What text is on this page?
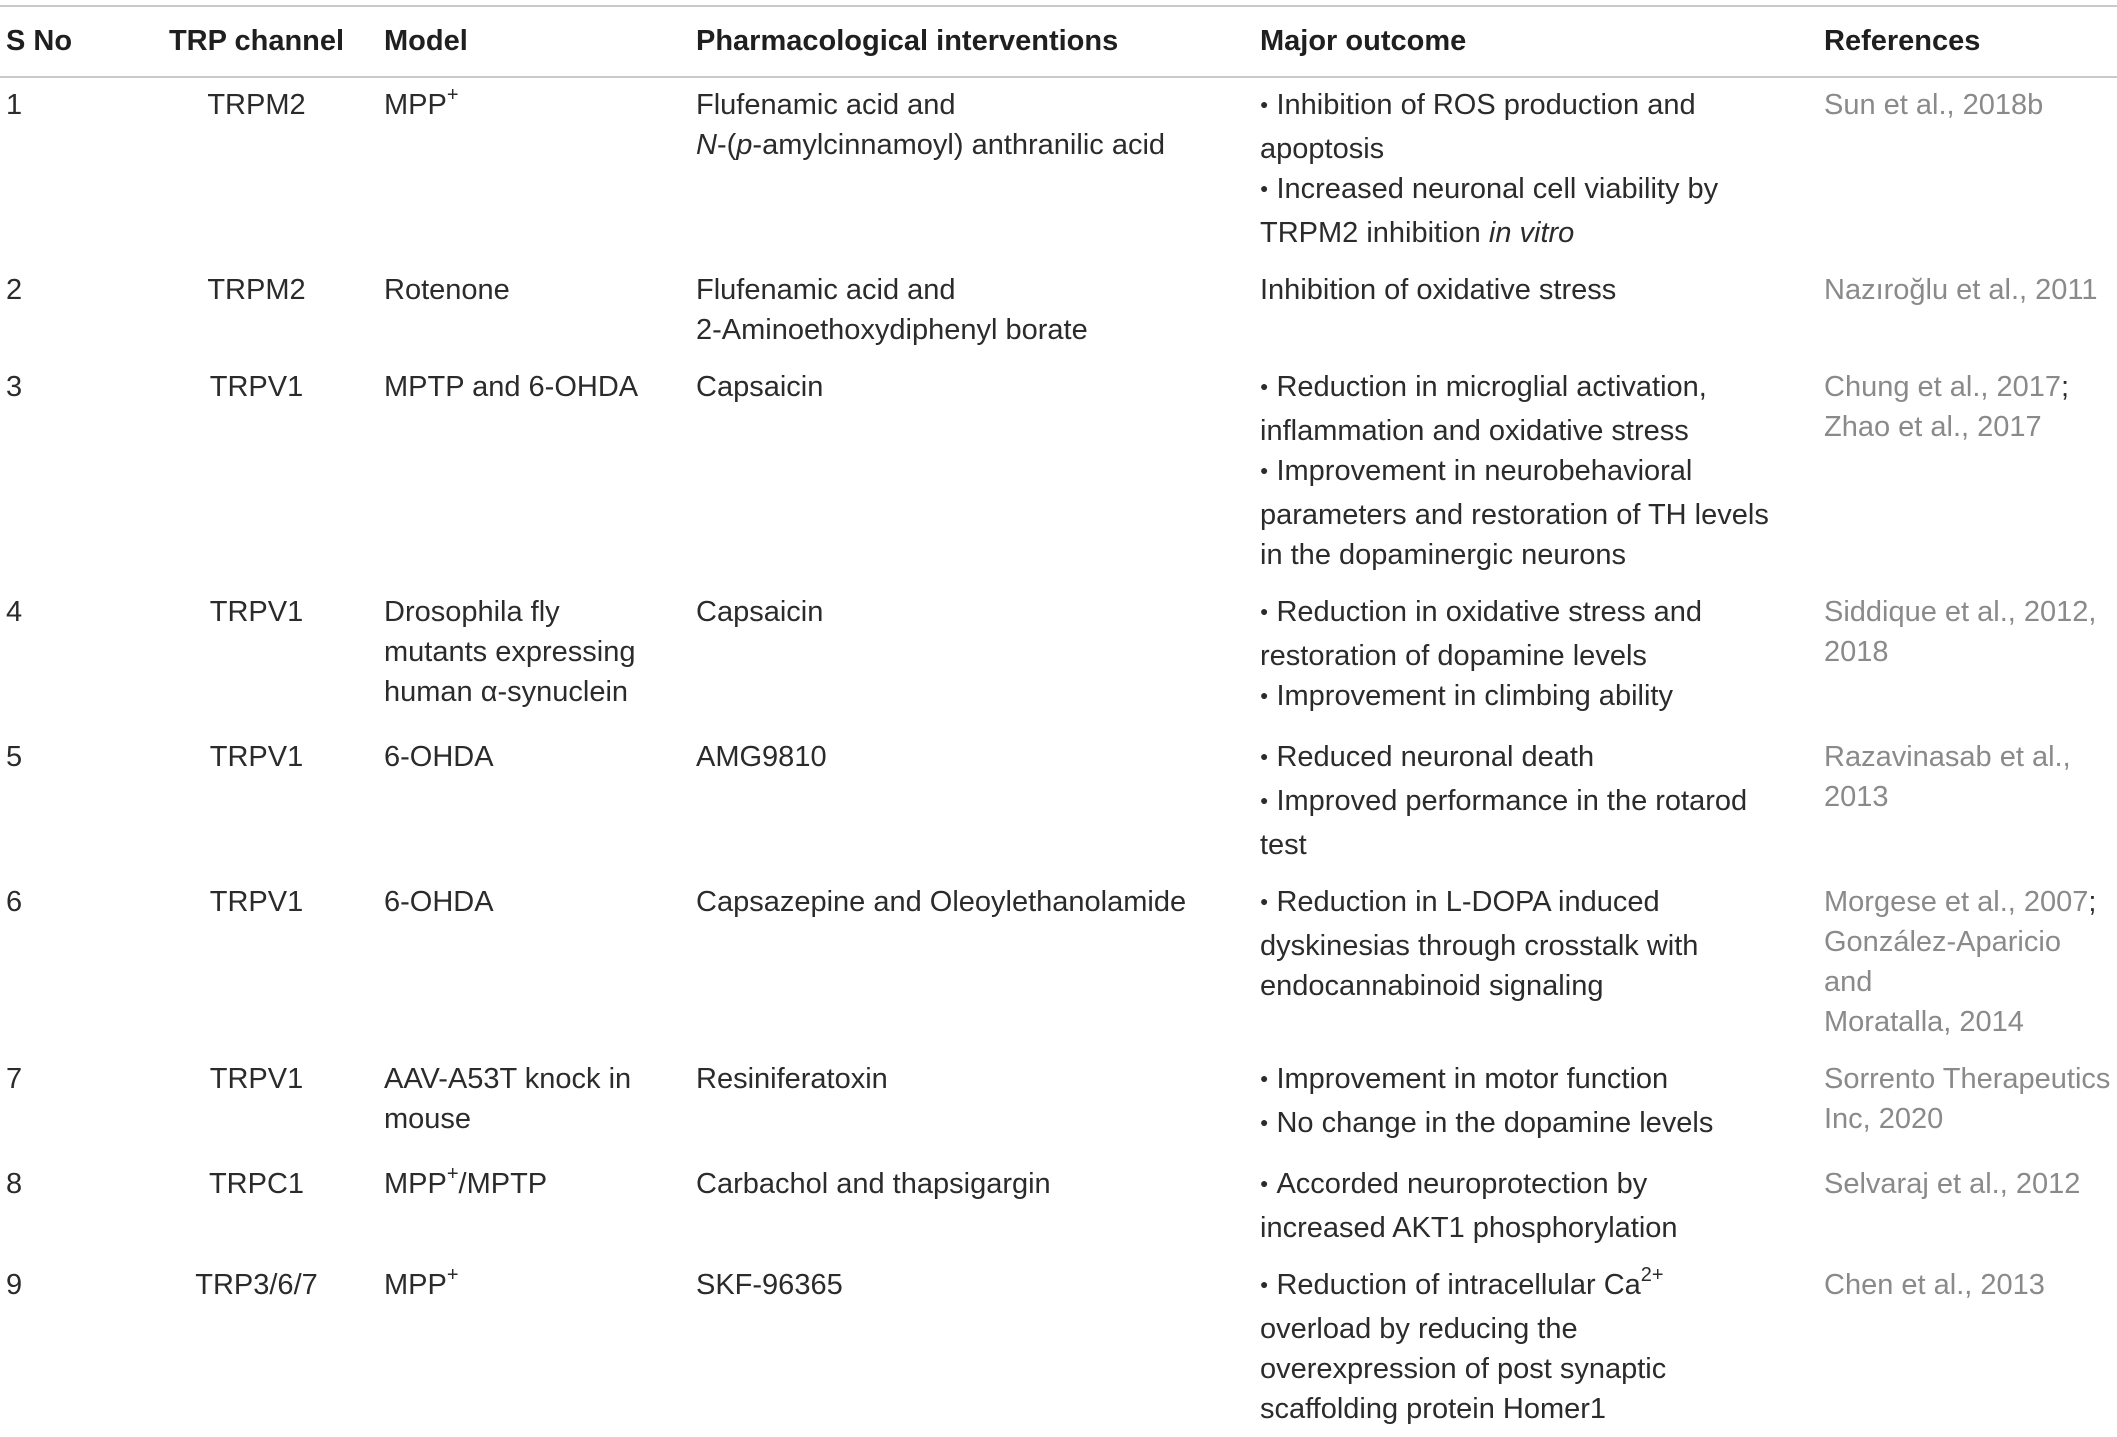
S No	TRP channel	Model	Pharmacological interventions	Major outcome	References
1	TRPM2	MPP+	Flufenamic acid and
N-(p-amylcinnamoyl) anthranilic acid	● Inhibition of ROS production and
apoptosis
● Increased neuronal cell viability by
TRPM2 inhibition in vitro	Sun et al., 2018b

2	TRPM2	Rotenone	Flufenamic acid and
2-Aminoethoxydiphenyl borate	Inhibition of oxidative stress	Nazıroğlu et al., 2011

3	TRPV1	MPTP and 6-OHDA	Capsaicin	● Reduction in microglial activation,
inflammation and oxidative stress
● Improvement in neurobehavioral
parameters and restoration of TH levels
in the dopaminergic neurons	Chung et al., 2017;
Zhao et al., 2017

4	TRPV1	Drosophila fly
mutants expressing
human α-synuclein	Capsaicin	● Reduction in oxidative stress and
restoration of dopamine levels
● Improvement in climbing ability	Siddique et al., 2012,
2018

5	TRPV1	6-OHDA	AMG9810	● Reduced neuronal death
● Improved performance in the rotarod
test	Razavinasab et al.,
2013

6	TRPV1	6-OHDA	Capsazepine and Oleoylethanolamide	● Reduction in L-DOPA induced
dyskinesias through crosstalk with
endocannabinoid signaling	Morgese et al., 2007;
González-Aparicio and
Moratalla, 2014

7	TRPV1	AAV-A53T knock in
mouse	Resiniferatoxin	● Improvement in motor function
● No change in the dopamine levels	Sorrento Therapeutics
Inc, 2020

8	TRPC1	MPP+/MPTP	Carbachol and thapsigargin	● Accorded neuroprotection by
increased AKT1 phosphorylation	Selvaraj et al., 2012

9	TRP3/6/7	MPP+	SKF-96365	● Reduction of intracellular $Ca^{2+}$
overload by reducing the
overexpression of post synaptic
scaffolding protein Homer1	Chen et al., 2013
